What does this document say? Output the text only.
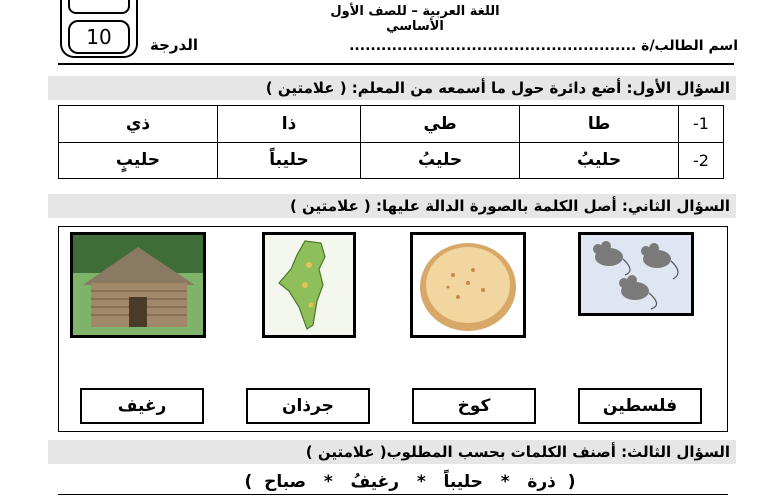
10
اللغة العربية – للصف الأول الأساسي
الدرجة	اسم الطالب/ة ......................................................
السؤال الأول: أضع دائرة حول ما أسمعه من المعلم: ( علامتين )
-1	طا	طي	ذا	ذي
-2	حليبُ	حليبُ	حليباً	حليبٍ
السؤال الثاني: أصل الكلمة بالصورة الدالة عليها: ( علامتين )
فلسطين
كوخ
جرذان
رغيف
السؤال الثالث: أصنف الكلمات بحسب المطلوب( علامتين )
(  ذرة   *   حليباً   *   رغيفُ   *   صباح  )
